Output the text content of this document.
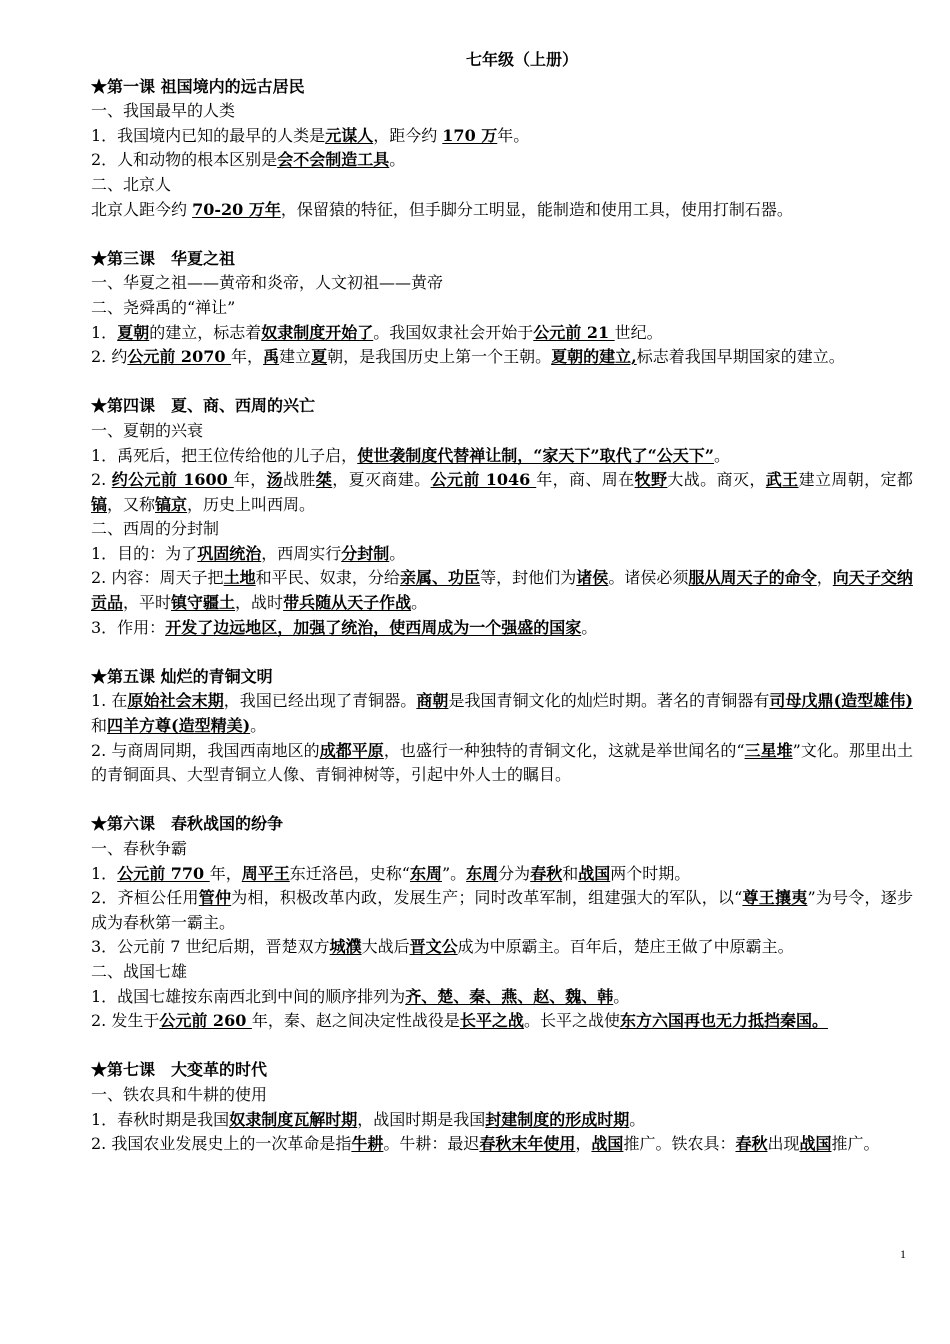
七年级（上册）

★第一课 祖国境内的远古居民

一、我国最早的人类

1．我国境内已知的最早的人类是元谋人，距今约 170 万年。

2．人和动物的根本区别是会不会制造工具。

二、北京人

北京人距今约 70-20 万年，保留猿的特征，但手脚分工明显，能制造和使用工具，使用打制石器。

★第三课　华夏之祖

一、华夏之祖——黄帝和炎帝，人文初祖——黄帝

二、尧舜禹的“禅让”

1．夏朝的建立，标志着奴隶制度开始了。我国奴隶社会开始于公元前 21 世纪。

2. 约公元前 2070 年，禹建立夏朝，是我国历史上第一个王朝。夏朝的建立,标志着我国早期国家的建立。

★第四课　夏、商、西周的兴亡

一、夏朝的兴衰

1．禹死后，把王位传给他的儿子启，使世袭制度代替禅让制，“家天下”取代了“公天下”。

2. 约公元前 1600 年，汤战胜桀，夏灭商建。公元前 1046 年，商、周在牧野大战。商灭，武王建立周朝，定都镐，又称镐京，历史上叫西周。

二、西周的分封制

1．目的：为了巩固统治，西周实行分封制。

2. 内容：周天子把土地和平民、奴隶，分给亲属、功臣等，封他们为诸侯。诸侯必须服从周天子的命令，向天子交纳贡品，平时镇守疆土，战时带兵随从天子作战。

3．作用：开发了边远地区，加强了统治，使西周成为一个强盛的国家。

★第五课 灿烂的青铜文明

1. 在原始社会末期，我国已经出现了青铜器。商朝是我国青铜文化的灿烂时期。著名的青铜器有司母戊鼎(造型雄伟)和四羊方尊(造型精美)。

2. 与商周同期，我国西南地区的成都平原，也盛行一种独特的青铜文化，这就是举世闻名的“三星堆”文化。那里出土的青铜面具、大型青铜立人像、青铜神树等，引起中外人士的瞩目。

★第六课　春秋战国的纷争

一、春秋争霸

1．公元前 770 年，周平王东迁洛邑，史称“东周”。东周分为春秋和战国两个时期。

2．齐桓公任用管仲为相，积极改革内政，发展生产；同时改革军制，组建强大的军队，以“尊王攘夷”为号令，逐步成为春秋第一霸主。

3．公元前 7 世纪后期，晋楚双方城濮大战后晋文公成为中原霸主。百年后，楚庄王做了中原霸主。

二、战国七雄

1．战国七雄按东南西北到中间的顺序排列为齐、楚、秦、燕、赵、魏、韩。

2. 发生于公元前 260 年，秦、赵之间决定性战役是长平之战。长平之战使东方六国再也无力抵挡秦国。

★第七课　大变革的时代

一、铁农具和牛耕的使用

1．春秋时期是我国奴隶制度瓦解时期，战国时期是我国封建制度的形成时期。

2. 我国农业发展史上的一次革命是指牛耕。牛耕：最迟春秋末年使用，战国推广。铁农具：春秋出现战国推广。

1
